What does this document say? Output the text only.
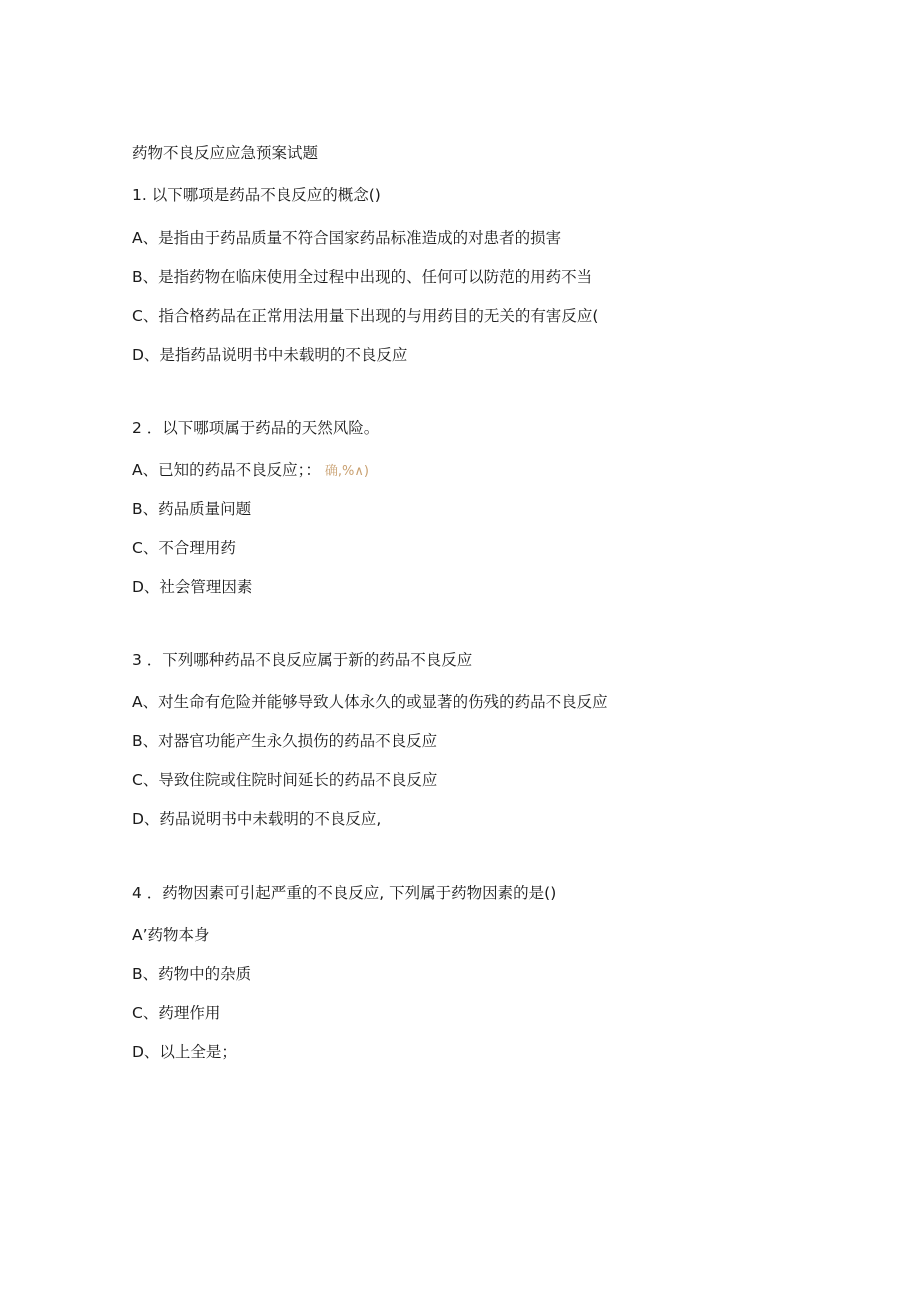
药物不良反应应急预案试题
1. 以下哪项是药品不良反应的概念()
A、是指由于药品质量不符合国家药品标准造成的对患者的损害
B、是指药物在临床使用全过程中出现的、任何可以防范的用药不当
C、指合格药品在正常用法用量下出现的与用药目的无关的有害反应(
D、是指药品说明书中未载明的不良反应
2 ．以下哪项属于药品的天然风险。
A、已知的药品不良反应；： 确,%∧)
B、药品质量问题
C、不合理用药
D、社会管理因素
3 ．下列哪种药品不良反应属于新的药品不良反应
A、对生命有危险并能够导致人体永久的或显著的伤残的药品不良反应
B、对器官功能产生永久损伤的药品不良反应
C、导致住院或住院时间延长的药品不良反应
D、药品说明书中未载明的不良反应,
4 ．药物因素可引起严重的不良反应, 下列属于药物因素的是()
A’药物本身
B、药物中的杂质
C、药理作用
D、以上全是；
